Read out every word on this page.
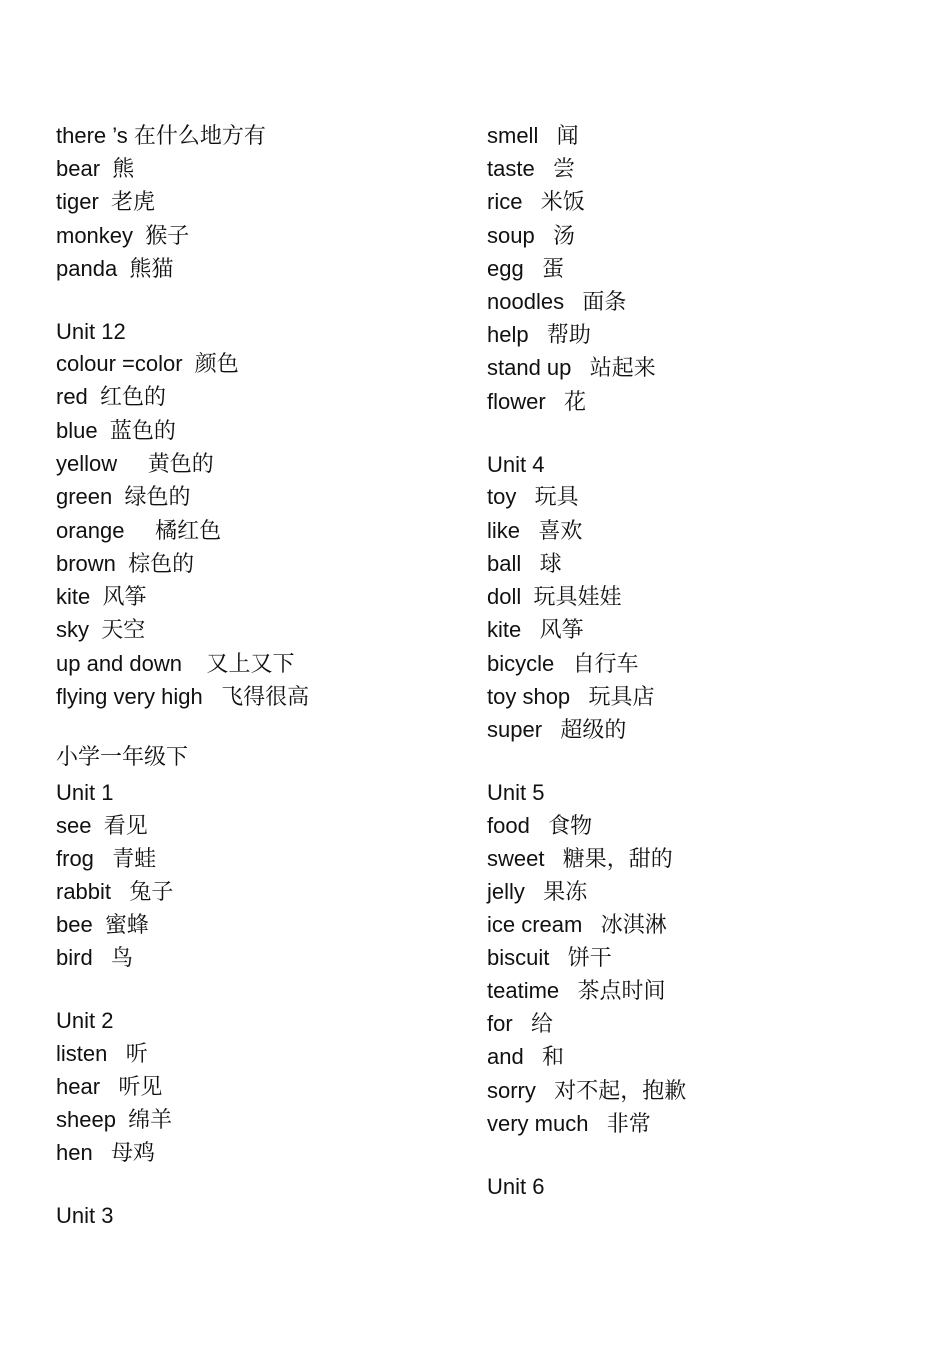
there ’s 在什么地方有
bear  熊
tiger  老虎
monkey  猴子
panda  熊猫
Unit 12
colour =color  颜色
red  红色的
blue  蓝色的
yellow     黄色的
green  绿色的
orange     橘红色
brown  棕色的
kite  风筝
sky  天空
up and down    又上又下
flying very high   飞得很高
小学一年级下
Unit 1
see  看见
frog   青蛙
rabbit   兔子
bee  蜜蜂
bird   鸟
Unit 2
listen   听
hear   听见
sheep  绵羊
hen   母鸡
Unit 3
smell   闻
taste   尝
rice   米饭
soup   汤
egg   蛋
noodles   面条
help   帮助
stand up   站起来
flower   花
Unit 4
toy   玩具
like   喜欢
ball   球
doll  玩具娃娃
kite   风筝
bicycle   自行车
toy shop   玩具店
super   超级的
Unit 5
food   食物
sweet   糖果，甜的
jelly   果冻
ice cream   冰淇淋
biscuit   饼干
teatime   茶点时间
for   给
and   和
sorry   对不起，抱歉
very much   非常
Unit 6
